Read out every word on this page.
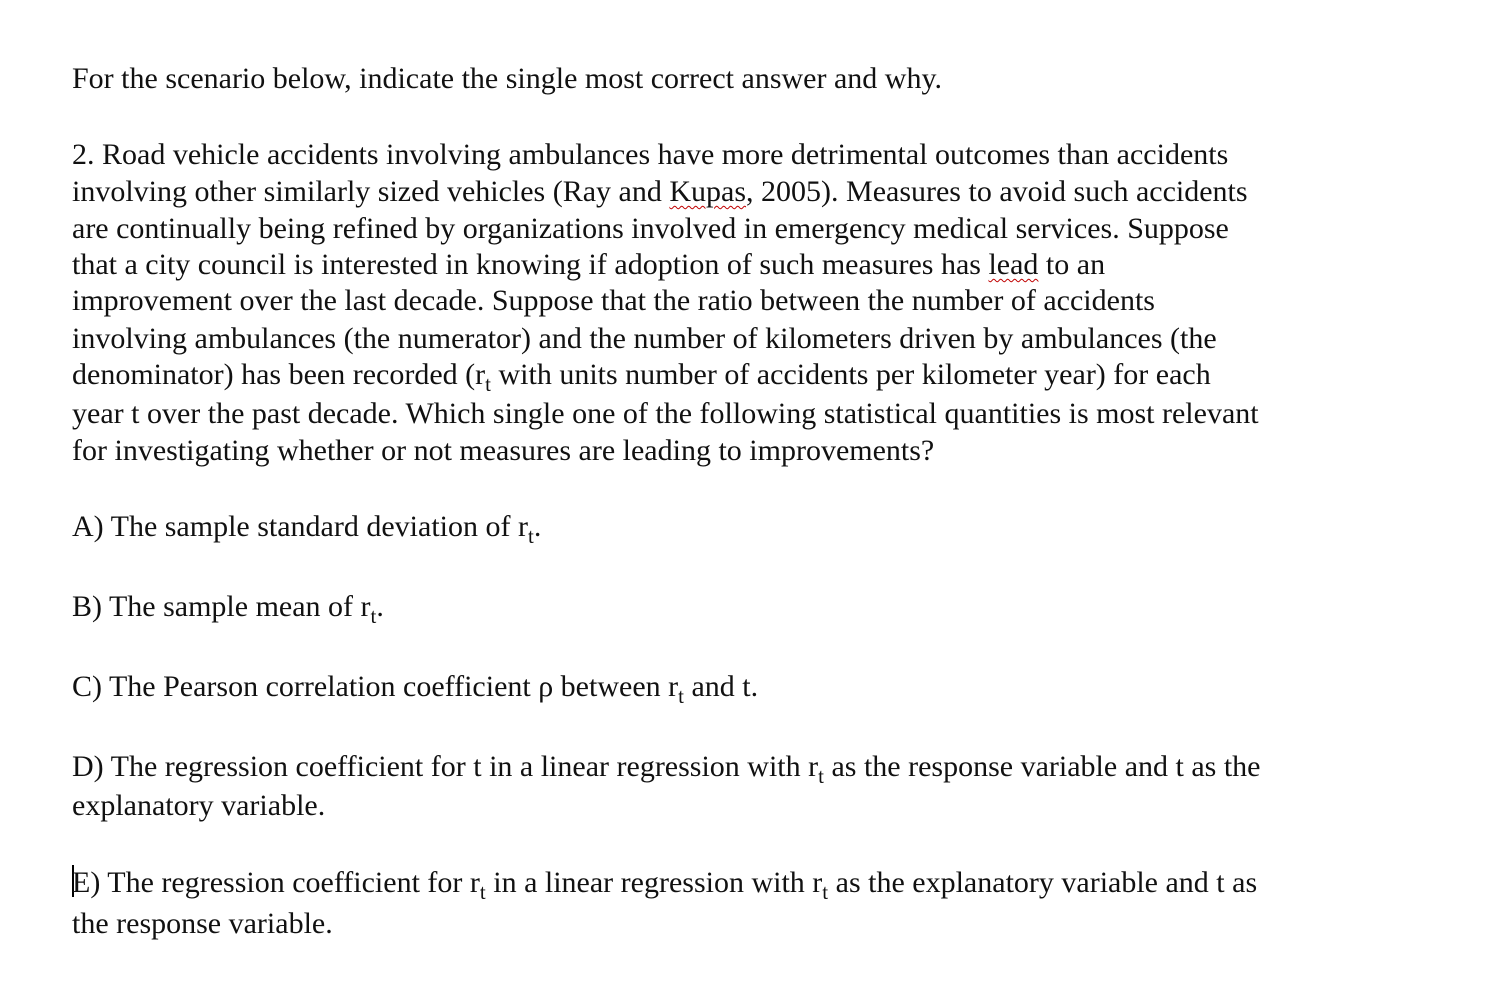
For the scenario below, indicate the single most correct answer and why.
2. Road vehicle accidents involving ambulances have more detrimental outcomes than accidents
involving other similarly sized vehicles (Ray and Kupas, 2005). Measures to avoid such accidents
are continually being refined by organizations involved in emergency medical services. Suppose
that a city council is interested in knowing if adoption of such measures has lead to an
improvement over the last decade. Suppose that the ratio between the number of accidents
involving ambulances (the numerator) and the number of kilometers driven by ambulances (the
denominator) has been recorded ($r_t$ with units number of accidents per kilometer year) for each
year t over the past decade. Which single one of the following statistical quantities is most relevant
for investigating whether or not measures are leading to improvements?
A) The sample standard deviation of $r_t$.
B) The sample mean of $r_t$.
C) The Pearson correlation coefficient ρ between $r_t$ and t.
D) The regression coefficient for t in a linear regression with $r_t$ as the response variable and t as the
explanatory variable.
E) The regression coefficient for $r_t$ in a linear regression with $r_t$ as the explanatory variable and t as
the response variable.
